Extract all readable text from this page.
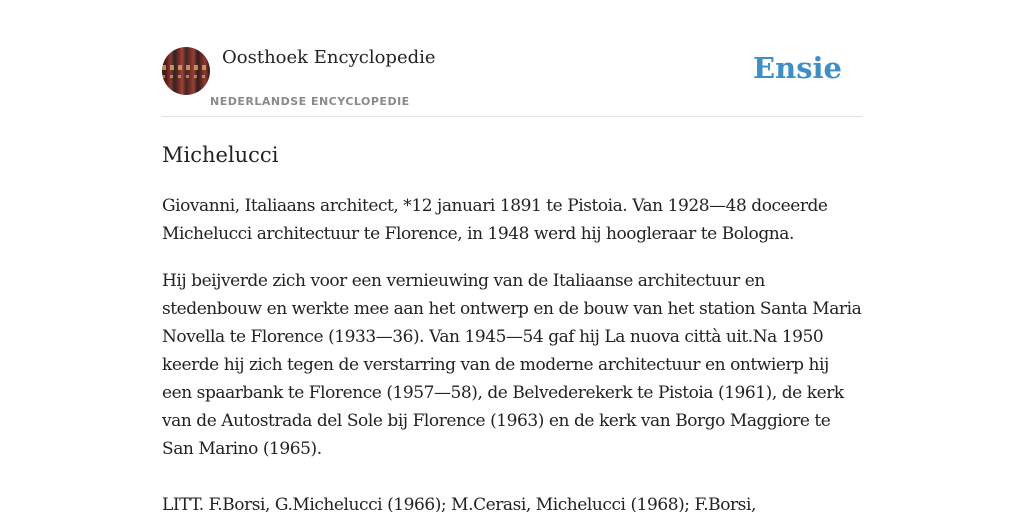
Oosthoek Encyclopedie
NEDERLANDSE ENCYCLOPEDIE
Ensie
Michelucci

Giovanni, Italiaans architect, *12 januari 1891 te Pistoia. Van 1928—48 doceerde Michelucci architectuur te Florence, in 1948 werd hij hoogleraar te Bologna.

Hij beijverde zich voor een vernieuwing van de Italiaanse architectuur en stedenbouw en werkte mee aan het ontwerp en de bouw van het station Santa Maria Novella te Florence (1933—36). Van 1945—54 gaf hij La nuova città uit.Na 1950 keerde hij zich tegen de verstarring van de moderne architectuur en ontwierp hij een spaarbank te Florence (1957—58), de Belvederekerk te Pistoia (1961), de kerk van de Autostrada del Sole bij Florence (1963) en de kerk van Borgo Maggiore te San Marino (1965).

LITT. F.Borsi, G.Michelucci (1966); M.Cerasi, Michelucci (1968); F.Borsi,
